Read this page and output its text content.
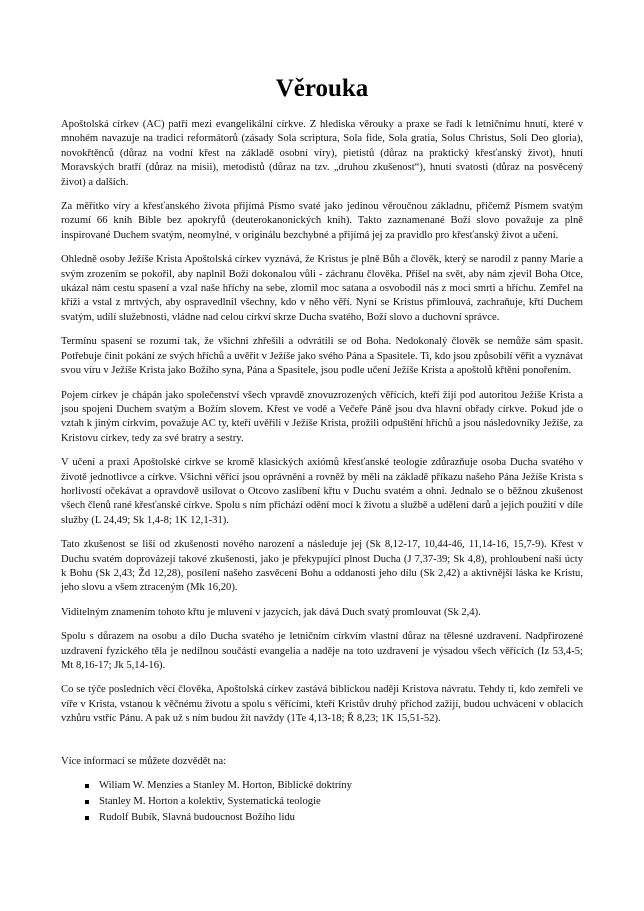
Věrouka

Apoštolská církev (AC) patří mezi evangelikální církve. Z hlediska věrouky a praxe se řadí k letničnímu hnutí, které v mnohém navazuje na tradici reformátorů (zásady Sola scriptura, Sola fide, Sola gratia, Solus Christus, Soli Deo gloria), novokřtěnců (důraz na vodní křest na základě osobní víry), pietistů (důraz na praktický křesťanský život), hnutí Moravských bratří (důraz na misii), metodistů (důraz na tzv. „druhou zkušenost“), hnutí svatosti (důraz na posvěcený život) a dalších.

Za měřítko víry a křesťanského života přijímá Písmo svaté jako jedinou věroučnou základnu, přičemž Písmem svatým rozumí 66 knih Bible bez apokryfů (deuterokanonických knih). Takto zaznamenané Boží slovo považuje za plně inspirované Duchem svatým, neomylné, v originálu bezchybné a přijímá jej za pravidlo pro křesťanský život a učení.

Ohledně osoby Ježíše Krista Apoštolská církev vyznává, že Kristus je plně Bůh a člověk, který se narodil z panny Marie a svým zrozením se pokořil, aby naplnil Boží dokonalou vůli - záchranu člověka. Přišel na svět, aby nám zjevil Boha Otce, ukázal nám cestu spasení a vzal naše hříchy na sebe, zlomil moc satana a osvobodil nás z moci smrti a hříchu. Zemřel na kříži a vstal z mrtvých, aby ospravedlnil všechny, kdo v něho věří. Nyní se Kristus přimlouvá, zachraňuje, křtí Duchem svatým, udílí služebnosti, vládne nad celou církví skrze Ducha svatého, Boží slovo a duchovní správce.

Termínu spasení se rozumí tak, že všichni zhřešili a odvrátili se od Boha. Nedokonalý člověk se nemůže sám spasit. Potřebuje činit pokání ze svých hříchů a uvěřit v Ježíše jako svého Pána a Spasitele. Ti, kdo jsou způsobilí věřit a vyznávat svou víru v Ježíše Krista jako Božího syna, Pána a Spasitele, jsou podle učení Ježíše Krista a apoštolů křtěni ponořením.

Pojem církev je chápán jako společenství všech vpravdě znovuzrozených věřících, kteří žijí pod autoritou Ježíše Krista a jsou spojeni Duchem svatým a Božím slovem. Křest ve vodě a Večeře Páně jsou dva hlavní obřady církve. Pokud jde o vztah k jiným církvím, považuje AC ty, kteří uvěřili v Ježíše Krista, prožili odpuštění hříchů a jsou následovníky Ježíše, za Kristovu církev, tedy za své bratry a sestry.

V učení a praxi Apoštolské církve se kromě klasických axiómů křesťanské teologie zdůrazňuje osoba Ducha svatého v životě jednotlivce a církve. Všichni věřící jsou oprávněni a rovněž by měli na základě příkazu našeho Pána Ježíše Krista s horlivostí očekávat a opravdově usilovat o Otcovo zaslíbení křtu v Duchu svatém a ohni. Jednalo se o běžnou zkušenost všech členů rané křesťanské církve. Spolu s ním přichází odění mocí k životu a službě a udělení darů a jejich použití v díle služby (L 24,49; Sk 1,4-8; 1K 12,1-31).

Tato zkušenost se liší od zkušenosti nového narození a následuje jej (Sk 8,12-17, 10,44-46, 11,14-16, 15,7-9). Křest v Duchu svatém doprovázejí takové zkušenosti, jako je překypující plnost Ducha (J 7,37-39; Sk 4,8), prohloubení naší úcty k Bohu (Sk 2,43; Žd 12,28), posílení našeho zasvěcení Bohu a oddanosti jeho dílu (Sk 2,42) a aktivnější láska ke Kristu, jeho slovu a všem ztraceným (Mk 16,20).

Viditelným znamením tohoto křtu je mluvení v jazycích, jak dává Duch svatý promlouvat (Sk 2,4).

Spolu s důrazem na osobu a dílo Ducha svatého je letničním církvím vlastní důraz na tělesné uzdravení. Nadpřirozené uzdravení fyzického těla je nedílnou součástí evangelia a naděje na toto uzdravení je výsadou všech věřících (Iz 53,4-5; Mt 8,16-17; Jk 5,14-16).

Co se týče posledních věcí člověka, Apoštolská církev zastává biblickou naději Kristova návratu. Tehdy ti, kdo zemřeli ve víře v Krista, vstanou k věčnému životu a spolu s věřícími, kteří Kristův druhý příchod zažijí, budou uchváceni v oblacích vzhůru vstříc Pánu. A pak už s ním budou žít navždy (1Te 4,13-18; Ř 8,23; 1K 15,51-52).

Více informací se můžete dozvědět na:

Wiliam W. Menzies a Stanley M. Horton, Biblické doktríny
Stanley M. Horton a kolektiv, Systematická teologie
Rudolf Bubík, Slavná budoucnost Božího lidu
